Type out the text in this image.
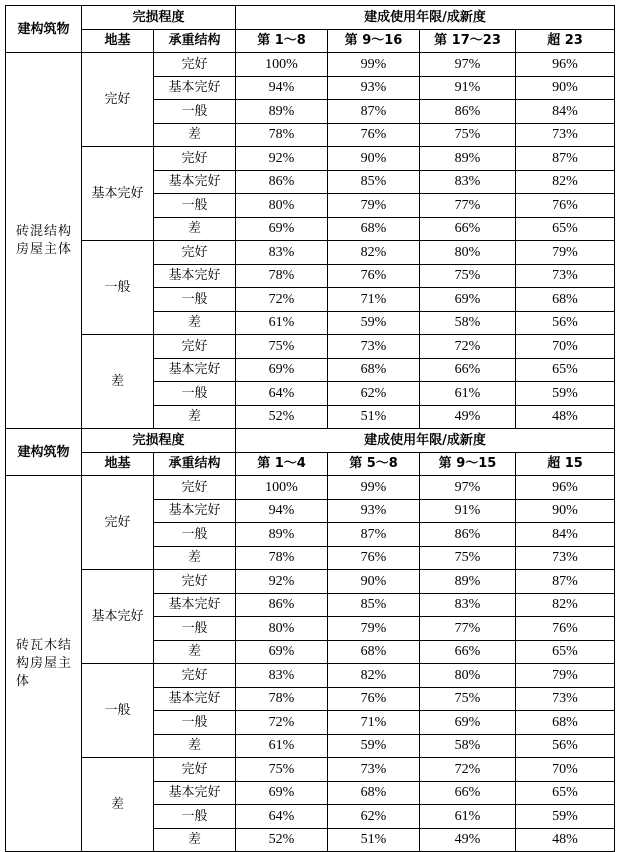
建构筑物	完损程度		建成使用年限/成新度			
	地基	承重结构	第 1～8	第 9～16	第 17～23	超 23
砖混结构房屋主体	完好	完好	100%	99%	97%	96%
		基本完好	94%	93%	91%	90%
		一般	89%	87%	86%	84%
		差	78%	76%	75%	73%
	基本完好	完好	92%	90%	89%	87%
		基本完好	86%	85%	83%	82%
		一般	80%	79%	77%	76%
		差	69%	68%	66%	65%
	一般	完好	83%	82%	80%	79%
		基本完好	78%	76%	75%	73%
		一般	72%	71%	69%	68%
		差	61%	59%	58%	56%
	差	完好	75%	73%	72%	70%
		基本完好	69%	68%	66%	65%
		一般	64%	62%	61%	59%
		差	52%	51%	49%	48%
建构筑物	完损程度		建成使用年限/成新度			
	地基	承重结构	第 1～4	第 5～8	第 9～15	超 15
砖瓦木结构房屋主体	完好	完好	100%	99%	97%	96%
		基本完好	94%	93%	91%	90%
		一般	89%	87%	86%	84%
		差	78%	76%	75%	73%
	基本完好	完好	92%	90%	89%	87%
		基本完好	86%	85%	83%	82%
		一般	80%	79%	77%	76%
		差	69%	68%	66%	65%
	一般	完好	83%	82%	80%	79%
		基本完好	78%	76%	75%	73%
		一般	72%	71%	69%	68%
		差	61%	59%	58%	56%
	差	完好	75%	73%	72%	70%
		基本完好	69%	68%	66%	65%
		一般	64%	62%	61%	59%
		差	52%	51%	49%	48%
